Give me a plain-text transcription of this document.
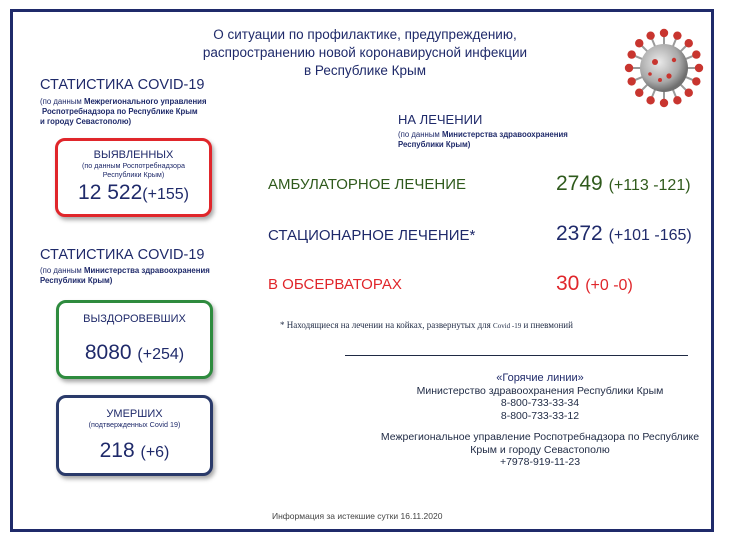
О ситуации по профилактике, предупреждению,
распространению новой коронавирусной инфекции
в Республике Крым
СТАТИСТИКА COVID-19
(по данным Межрегионального управления
Роспотребнадзора по Республике Крым
и городу Севастополю)
ВЫЯВЛЕННЫХ
(по данным Роспотребнадзора
Республики Крым)
12 522(+155)
СТАТИСТИКА COVID-19
(по данным Министерства здравоохранения
Республики Крым)
ВЫЗДОРОВЕВШИХ
8080 (+254)
УМЕРШИХ
(подтвержденных Covid 19)
218 (+6)
НА ЛЕЧЕНИИ
(по данным Министерства здравоохранения
Республики Крым)
АМБУЛАТОРНОЕ ЛЕЧЕНИЕ	2749 (+113 -121)
СТАЦИОНАРНОЕ ЛЕЧЕНИЕ*	2372 (+101 -165)
В ОБСЕРВАТОРАХ	30 (+0 -0)
* Находящиеся на лечении на койках, развернутых для Covid -19 и пневмоний
«Горячие линии»
Министерство здравоохранения Республики Крым
8-800-733-33-34
8-800-733-33-12
Межрегиональное управление Роспотребнадзора по Республике
Крым и городу Севастополю
+7978-919-11-23
Информация за истекшие сутки 16.11.2020
